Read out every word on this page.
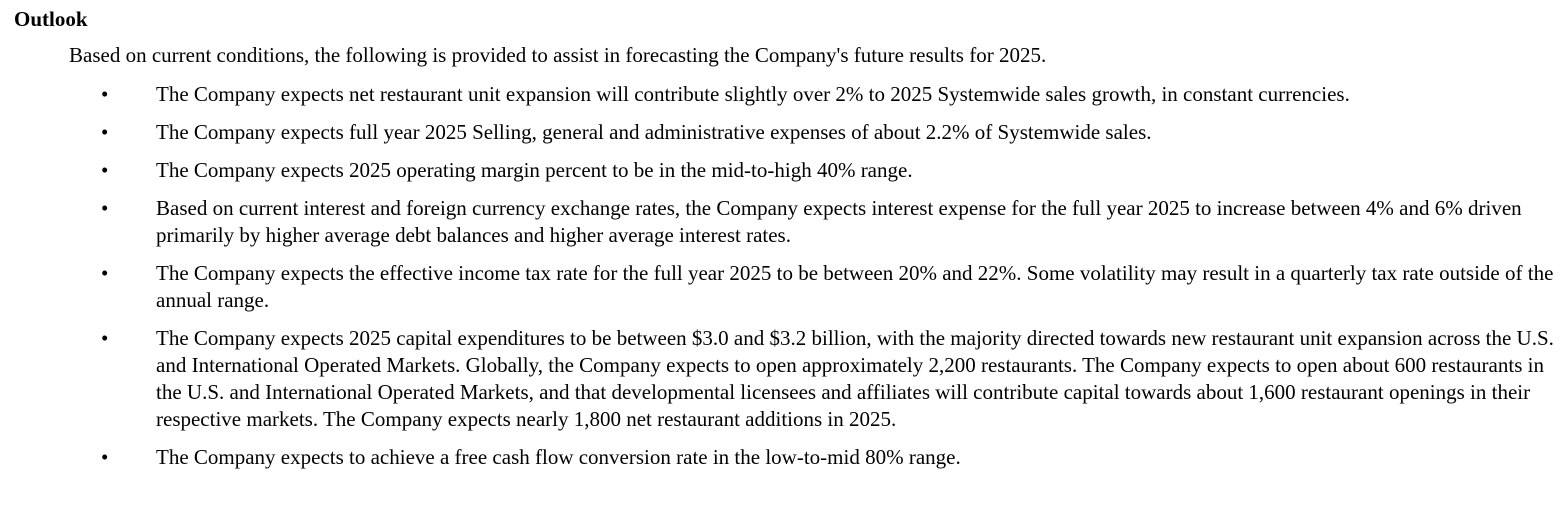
Outlook
Based on current conditions, the following is provided to assist in forecasting the Company's future results for 2025.
•	The Company expects net restaurant unit expansion will contribute slightly over 2% to 2025 Systemwide sales growth, in constant currencies.
•	The Company expects full year 2025 Selling, general and administrative expenses of about 2.2% of Systemwide sales.
•	The Company expects 2025 operating margin percent to be in the mid-to-high 40% range.
•	Based on current interest and foreign currency exchange rates, the Company expects interest expense for the full year 2025 to increase between 4% and 6% driven primarily by higher average debt balances and higher average interest rates.
•	The Company expects the effective income tax rate for the full year 2025 to be between 20% and 22%. Some volatility may result in a quarterly tax rate outside of the annual range.
•	The Company expects 2025 capital expenditures to be between $3.0 and $3.2 billion, with the majority directed towards new restaurant unit expansion across the U.S. and International Operated Markets. Globally, the Company expects to open approximately 2,200 restaurants. The Company expects to open about 600 restaurants in the U.S. and International Operated Markets, and that developmental licensees and affiliates will contribute capital towards about 1,600 restaurant openings in their respective markets. The Company expects nearly 1,800 net restaurant additions in 2025.
•	The Company expects to achieve a free cash flow conversion rate in the low-to-mid 80% range.
